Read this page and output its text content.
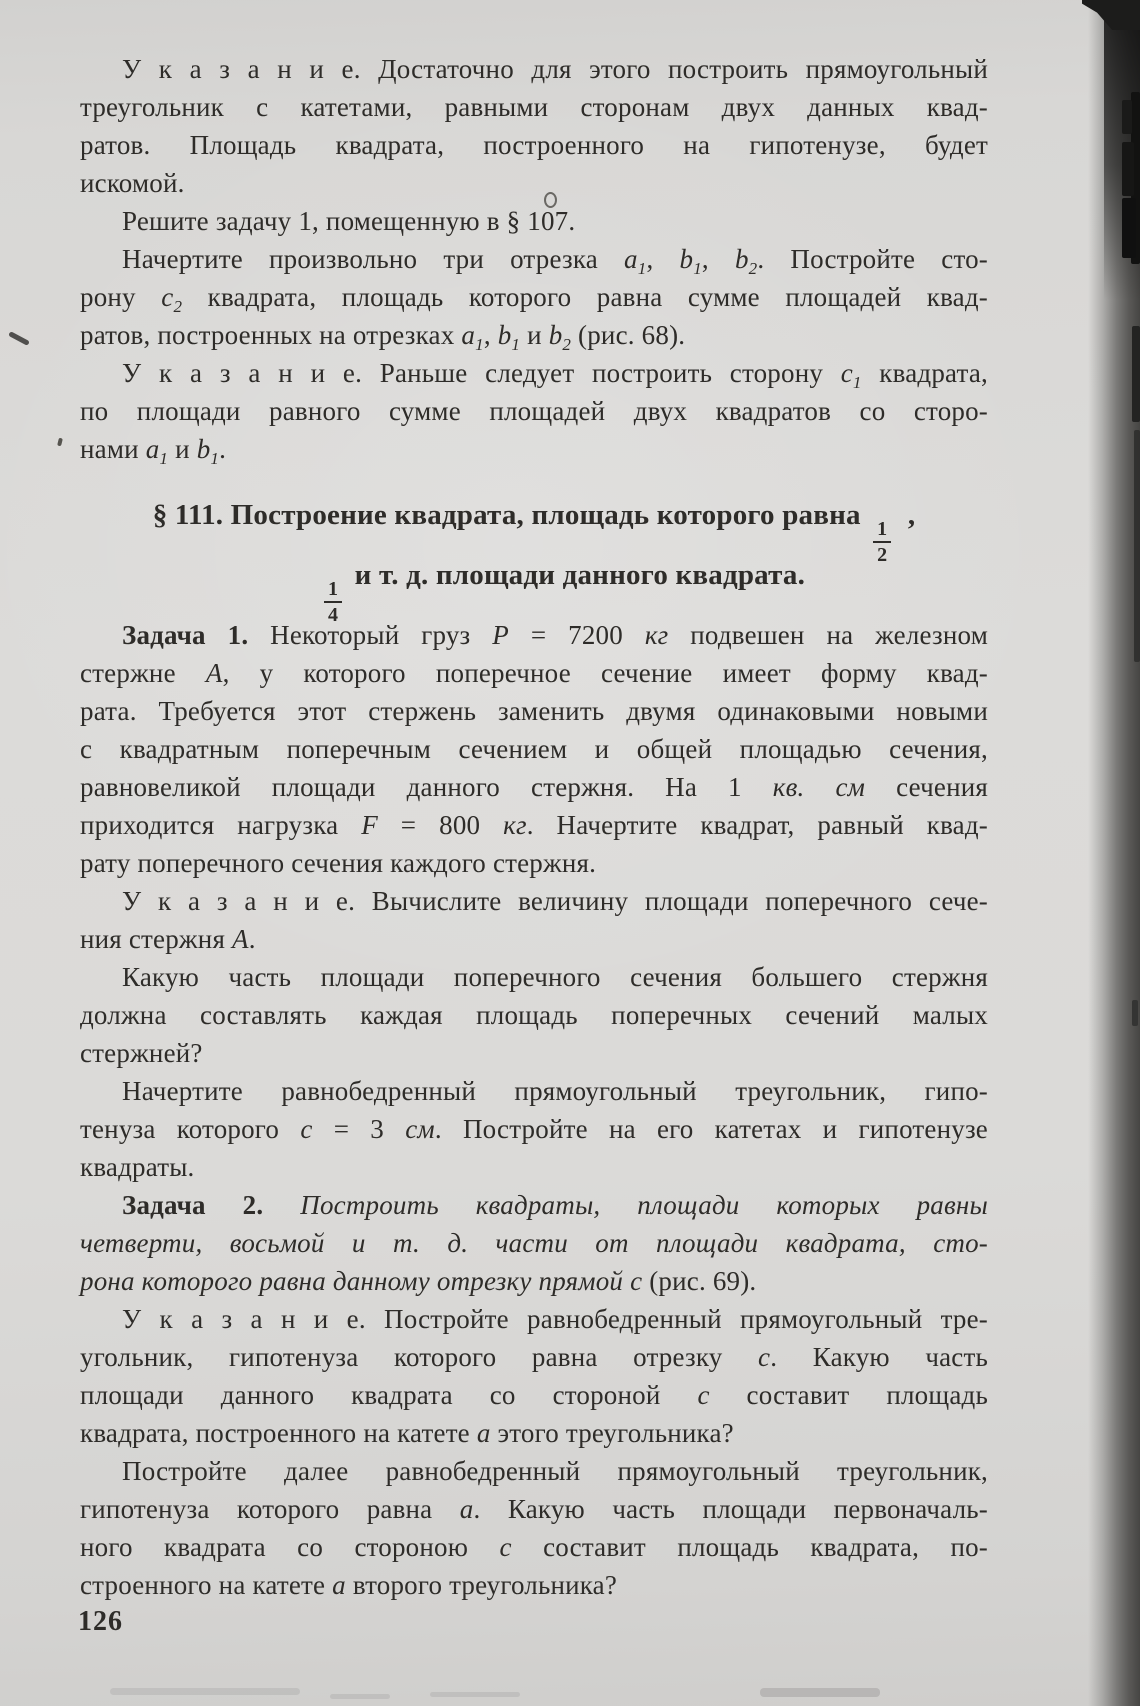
У к а з а н и е. Достаточно для этого построить прямоугольный
треугольник с катетами, равными сторонам двух данных квад-
ратов. Площадь квадрата, построенного на гипотенузе, будет
искомой.
Решите задачу 1, помещенную в § 107.
Начертите произвольно три отрезка $a_1$, $b_1$, $b_2$. Постройте сто-
рону $c_2$ квадрата, площадь которого равна сумме площадей квад-
ратов, построенных на отрезках $a_1$, $b_1$ и $b_2$ (рис. 68).
У к а з а н и е. Раньше следует построить сторону $c_1$ квадрата,
по площади равного сумме площадей двух квадратов со сторо-
нами $a_1$ и $b_1$.
§ 111. Построение квадрата, площадь которого равна
$\frac{1}{2}$
,
$\frac{1}{4}$
и т. д. площади данного квадрата.
Задача 1. Некоторый груз P = 7200 кг подвешен на железном
стержне A, у которого поперечное сечение имеет форму квад-
рата. Требуется этот стержень заменить двумя одинаковыми новыми
с квадратным поперечным сечением и общей площадью сечения,
равновеликой площади данного стержня. На 1 кв. см сечения
приходится нагрузка F = 800 кг. Начертите квадрат, равный квад-
рату поперечного сечения каждого стержня.
У к а з а н и е. Вычислите величину площади поперечного сече-
ния стержня A.
Какую часть площади поперечного сечения большего стержня
должна составлять каждая площадь поперечных сечений малых
стержней?
Начертите равнобедренный прямоугольный треугольник, гипо-
тенуза которого c = 3 см. Постройте на его катетах и гипотенузе
квадраты.
Задача 2. Построить квадраты, площади которых равны
четверти, восьмой и т. д. части от площади квадрата, сто-
рона которого равна данному отрезку прямой c (рис. 69).
У к а з а н и е. Постройте равнобедренный прямоугольный тре-
угольник, гипотенуза которого равна отрезку c. Какую часть
площади данного квадрата со стороной c составит площадь
квадрата, построенного на катете a этого треугольника?
Постройте далее равнобедренный прямоугольный треугольник,
гипотенуза которого равна a. Какую часть площади первоначаль-
ного квадрата со стороною c составит площадь квадрата, по-
строенного на катете a второго треугольника?
126
